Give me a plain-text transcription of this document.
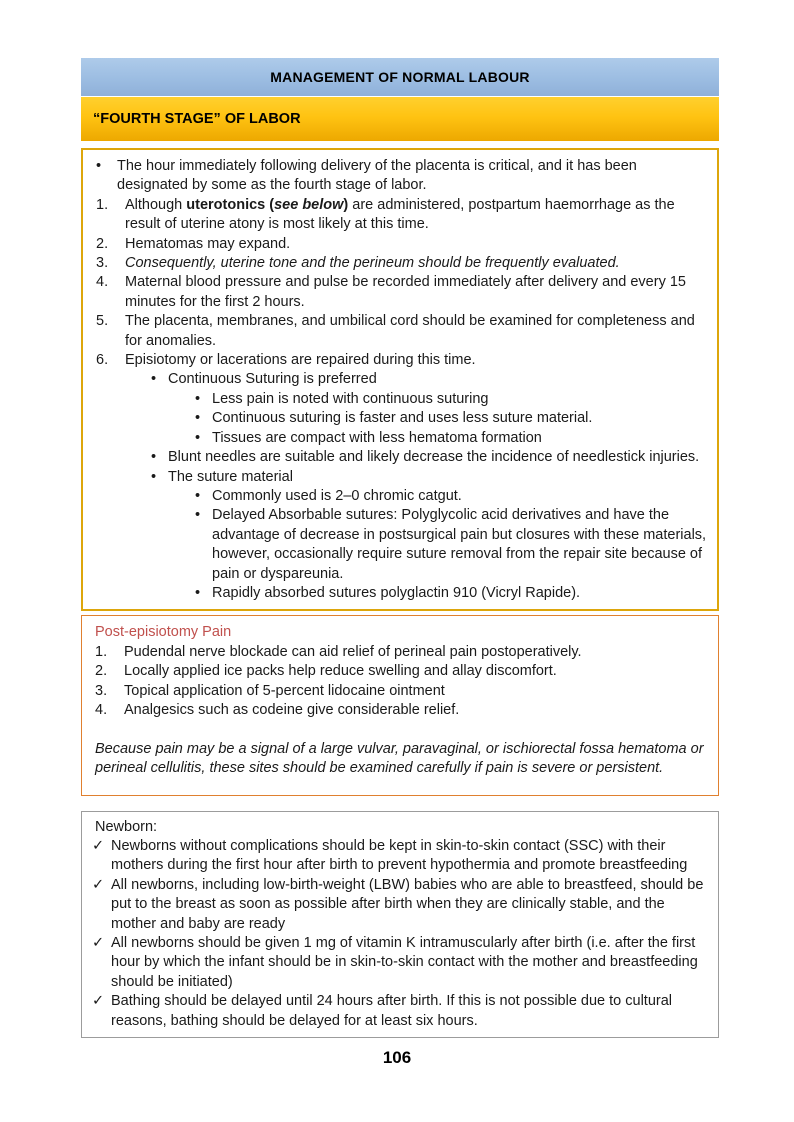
MANAGEMENT OF NORMAL LABOUR
“FOURTH STAGE” OF LABOR
•	The hour immediately following delivery of the placenta is critical, and it has been designated by some as the fourth stage of labor.
1.	Although uterotonics (see below) are administered, postpartum haemorrhage as the result of uterine atony is most likely at this time.
2.	Hematomas may expand.
3.	Consequently, uterine tone and the perineum should be frequently evaluated.
4.	Maternal blood pressure and pulse be recorded immediately after delivery and every 15 minutes for the first 2 hours.
5.	The placenta, membranes, and umbilical cord should be examined for completeness and for anomalies.
6.	Episiotomy or lacerations are repaired during this time.
• Continuous Suturing is preferred
• Less pain is noted with continuous suturing
• Continuous suturing is faster and uses less suture material.
• Tissues are compact with less hematoma formation
• Blunt needles are suitable and likely decrease the incidence of needlestick injuries.
• The suture material
• Commonly used is 2–0 chromic catgut.
• Delayed Absorbable sutures: Polyglycolic acid derivatives and have the advantage of decrease in postsurgical pain but closures with these materials, however, occasionally require suture removal from the repair site because of pain or dyspareunia.
• Rapidly absorbed sutures polyglactin 910 (Vicryl Rapide).
Post-episiotomy Pain
1.	Pudendal nerve blockade can aid relief of perineal pain postoperatively.
2.	Locally applied ice packs help reduce swelling and allay discomfort.
3.	Topical application of 5-percent lidocaine ointment
4.	Analgesics such as codeine give considerable relief.
Because pain may be a signal of a large vulvar, paravaginal, or ischiorectal fossa hematoma or perineal cellulitis, these sites should be examined carefully if pain is severe or persistent.
Newborn:
✓ Newborns without complications should be kept in skin-to-skin contact (SSC) with their mothers during the first hour after birth to prevent hypothermia and promote breastfeeding
✓ All newborns, including low-birth-weight (LBW) babies who are able to breastfeed, should be put to the breast as soon as possible after birth when they are clinically stable, and the mother and baby are ready
✓ All newborns should be given 1 mg of vitamin K intramuscularly after birth (i.e. after the first hour by which the infant should be in skin-to-skin contact with the mother and breastfeeding should be initiated)
✓ Bathing should be delayed until 24 hours after birth. If this is not possible due to cultural reasons, bathing should be delayed for at least six hours.
106
